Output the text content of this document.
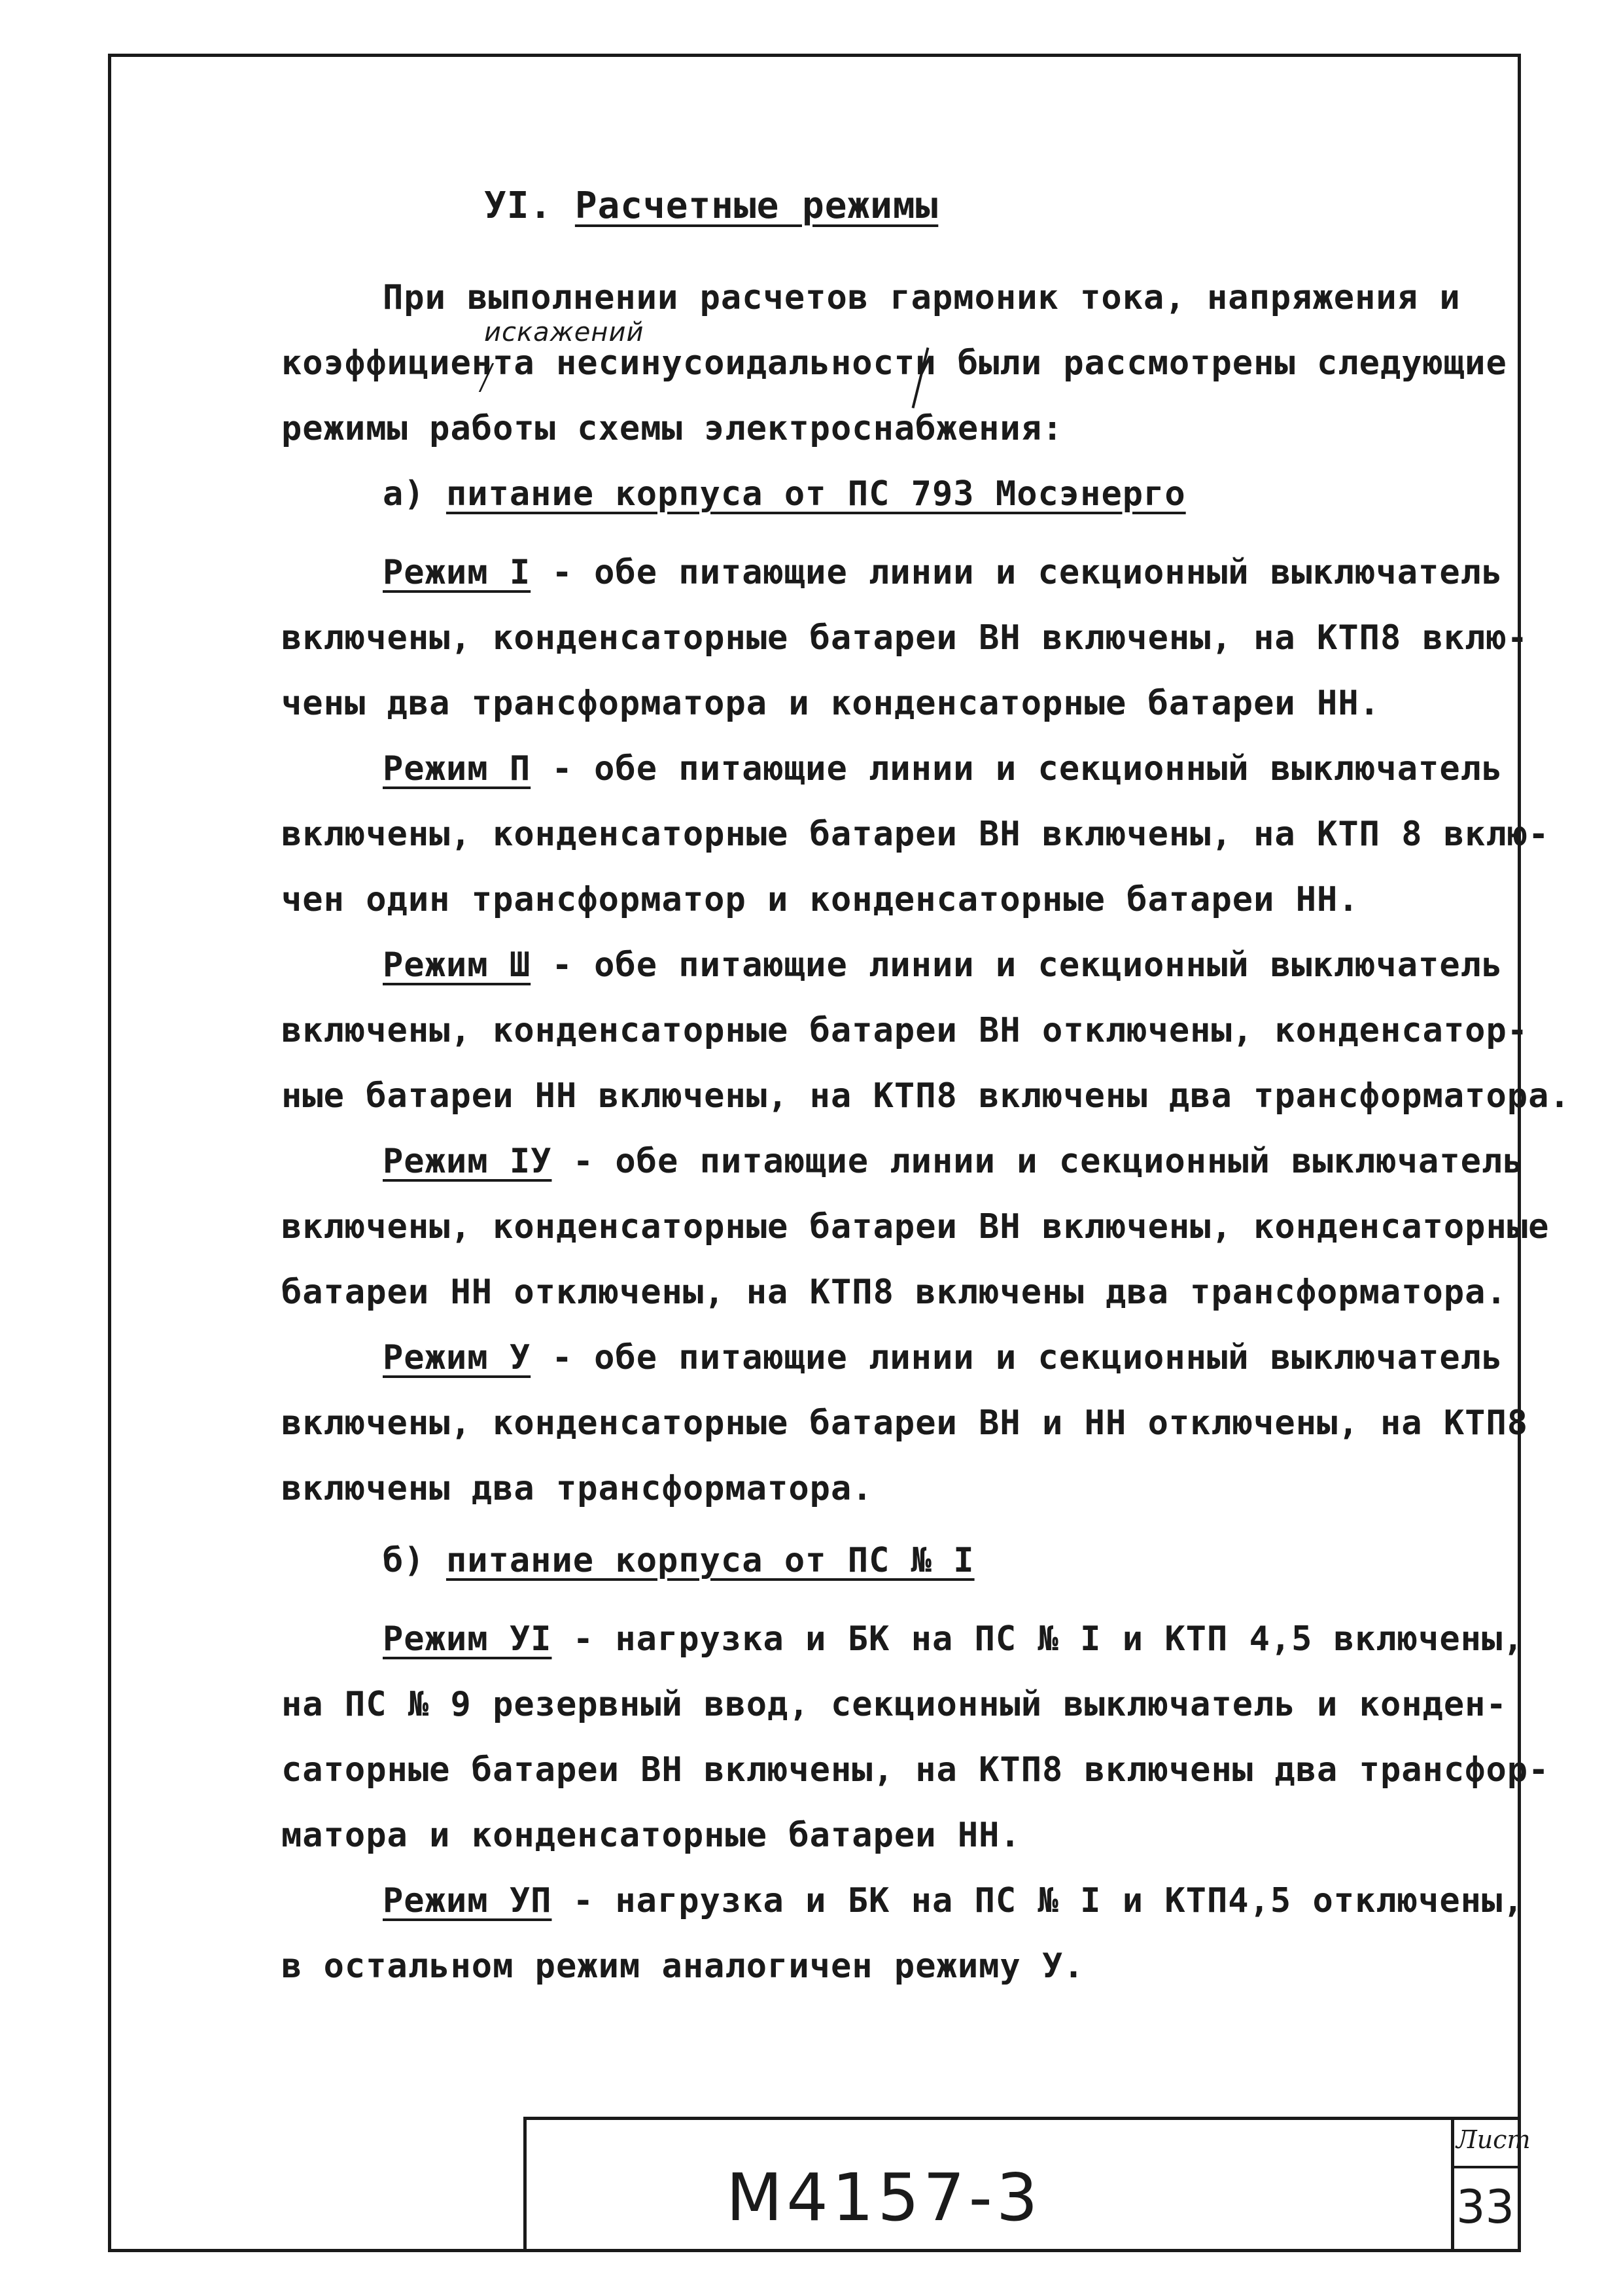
УІ. Расчетные режимы
При выполнении расчетов гармоник тока, напряжения и
искажений
коэффициента несинусоидальности были рассмотрены следующие
режимы работы схемы электроснабжения:
а) питание корпуса от ПС 793 Мосэнерго
Режим І - обе питающие линии и секционный выключатель
включены, конденсаторные батареи ВН включены, на КТП8 вклю-
чены два трансформатора и конденсаторные батареи НН.
Режим П - обе питающие линии и секционный выключатель
включены, конденсаторные батареи ВН включены, на КТП 8 вклю-
чен один трансформатор и конденсаторные батареи НН.
Режим Ш - обе питающие линии и секционный выключатель
включены, конденсаторные батареи ВН отключены, конденсатор-
ные батареи НН включены, на КТП8 включены два трансформатора.
Режим ІУ - обе питающие линии и секционный выключатель
включены, конденсаторные батареи ВН включены, конденсаторные
батареи НН отключены, на КТП8 включены два трансформатора.
Режим У - обе питающие линии и секционный выключатель
включены, конденсаторные батареи ВН и НН отключены, на КТП8
включены два трансформатора.
б) питание корпуса от ПС № І
Режим УІ - нагрузка и БК на ПС № І и КТП 4,5 включены,
на ПС № 9 резервный ввод, секционный выключатель и конден-
саторные батареи ВН включены, на КТП8 включены два трансфор-
матора и конденсаторные батареи НН.
Режим УП - нагрузка и БК на ПС № І и КТП4,5 отключены,
в остальном режим аналогичен режиму У.
М4157-3
Лист
33
